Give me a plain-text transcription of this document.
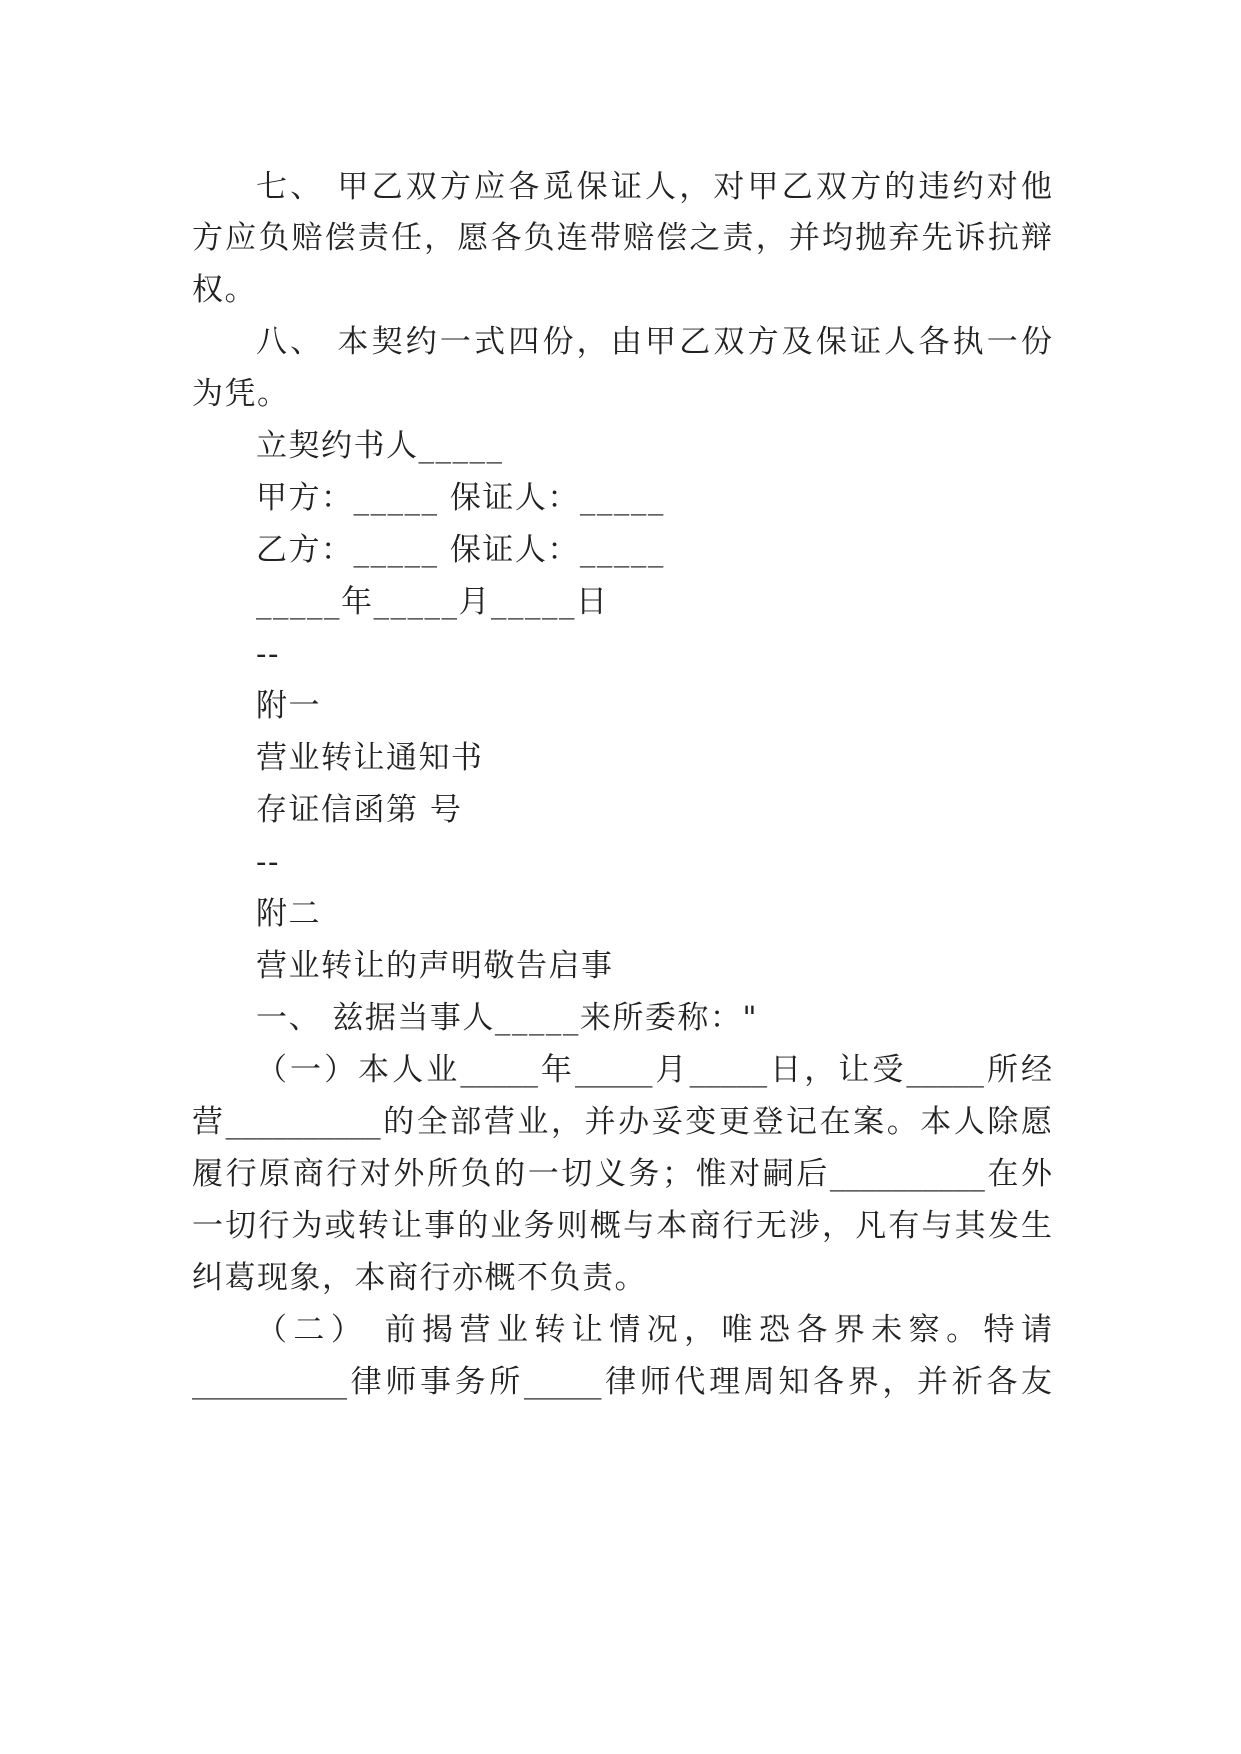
七、 甲乙双方应各觅保证人，对甲乙双方的违约对他
方应负赔偿责任，愿各负连带赔偿之责，并均抛弃先诉抗辩
权。
八、 本契约一式四份，由甲乙双方及保证人各执一份
为凭。
立契约书人_____
甲方：_____ 保证人：_____
乙方：_____ 保证人：_____
_____年_____月_____日
--
附一
营业转让通知书
存证信函第 号
--
附二
营业转让的声明敬告启事
一、 兹据当事人_____来所委称："
（一）本人业_____年_____月_____日，让受_____所经
营__________的全部营业，并办妥变更登记在案。本人除愿
履行原商行对外所负的一切义务；惟对嗣后__________在外
一切行为或转让事的业务则概与本商行无涉，凡有与其发生
纠葛现象，本商行亦概不负责。
（二） 前揭营业转让情况，唯恐各界未察。特请
__________律师事务所_____律师代理周知各界，并祈各友
